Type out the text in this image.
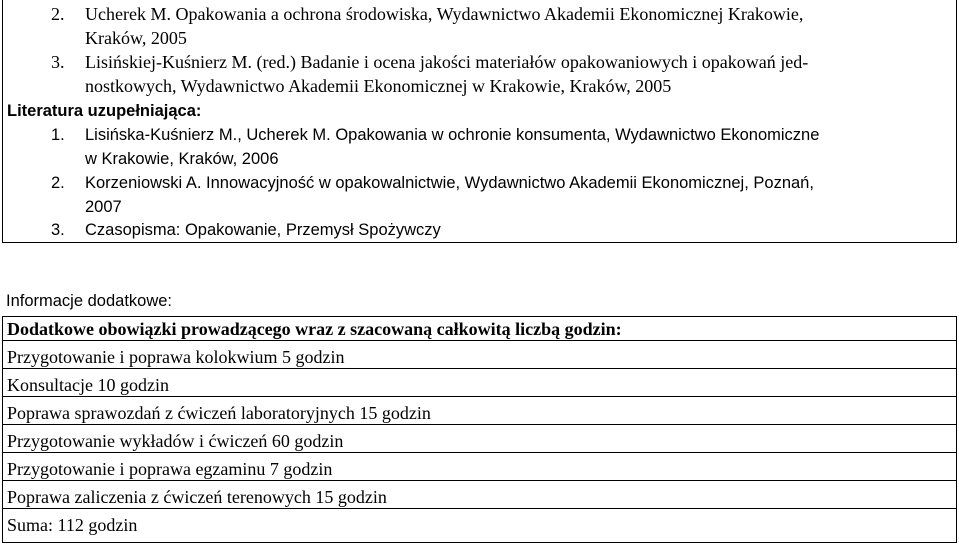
2. Ucherek M. Opakowania a ochrona środowiska, Wydawnictwo Akademii Ekonomicznej Krakowie,
Kraków, 2005
3. Lisińskiej-Kuśnierz M. (red.) Badanie i ocena jakości materiałów opakowaniowych i opakowań jed-
nostkowych, Wydawnictwo Akademii Ekonomicznej w Krakowie, Kraków, 2005
Literatura uzupełniająca:
1. Lisińska-Kuśnierz M., Ucherek M. Opakowania w ochronie konsumenta, Wydawnictwo Ekonomiczne
w Krakowie, Kraków, 2006
2. Korzeniowski A. Innowacyjność w opakowalnictwie, Wydawnictwo Akademii Ekonomicznej, Poznań,
2007
3. Czasopisma: Opakowanie, Przemysł Spożywczy
Informacje dodatkowe:
Dodatkowe obowiązki prowadzącego wraz z szacowaną całkowitą liczbą godzin:
Przygotowanie i poprawa kolokwium 5 godzin
Konsultacje 10 godzin
Poprawa sprawozdań z ćwiczeń laboratoryjnych 15 godzin
Przygotowanie wykładów i ćwiczeń 60 godzin
Przygotowanie i poprawa egzaminu 7 godzin
Poprawa zaliczenia z ćwiczeń terenowych 15 godzin
Suma: 112 godzin
